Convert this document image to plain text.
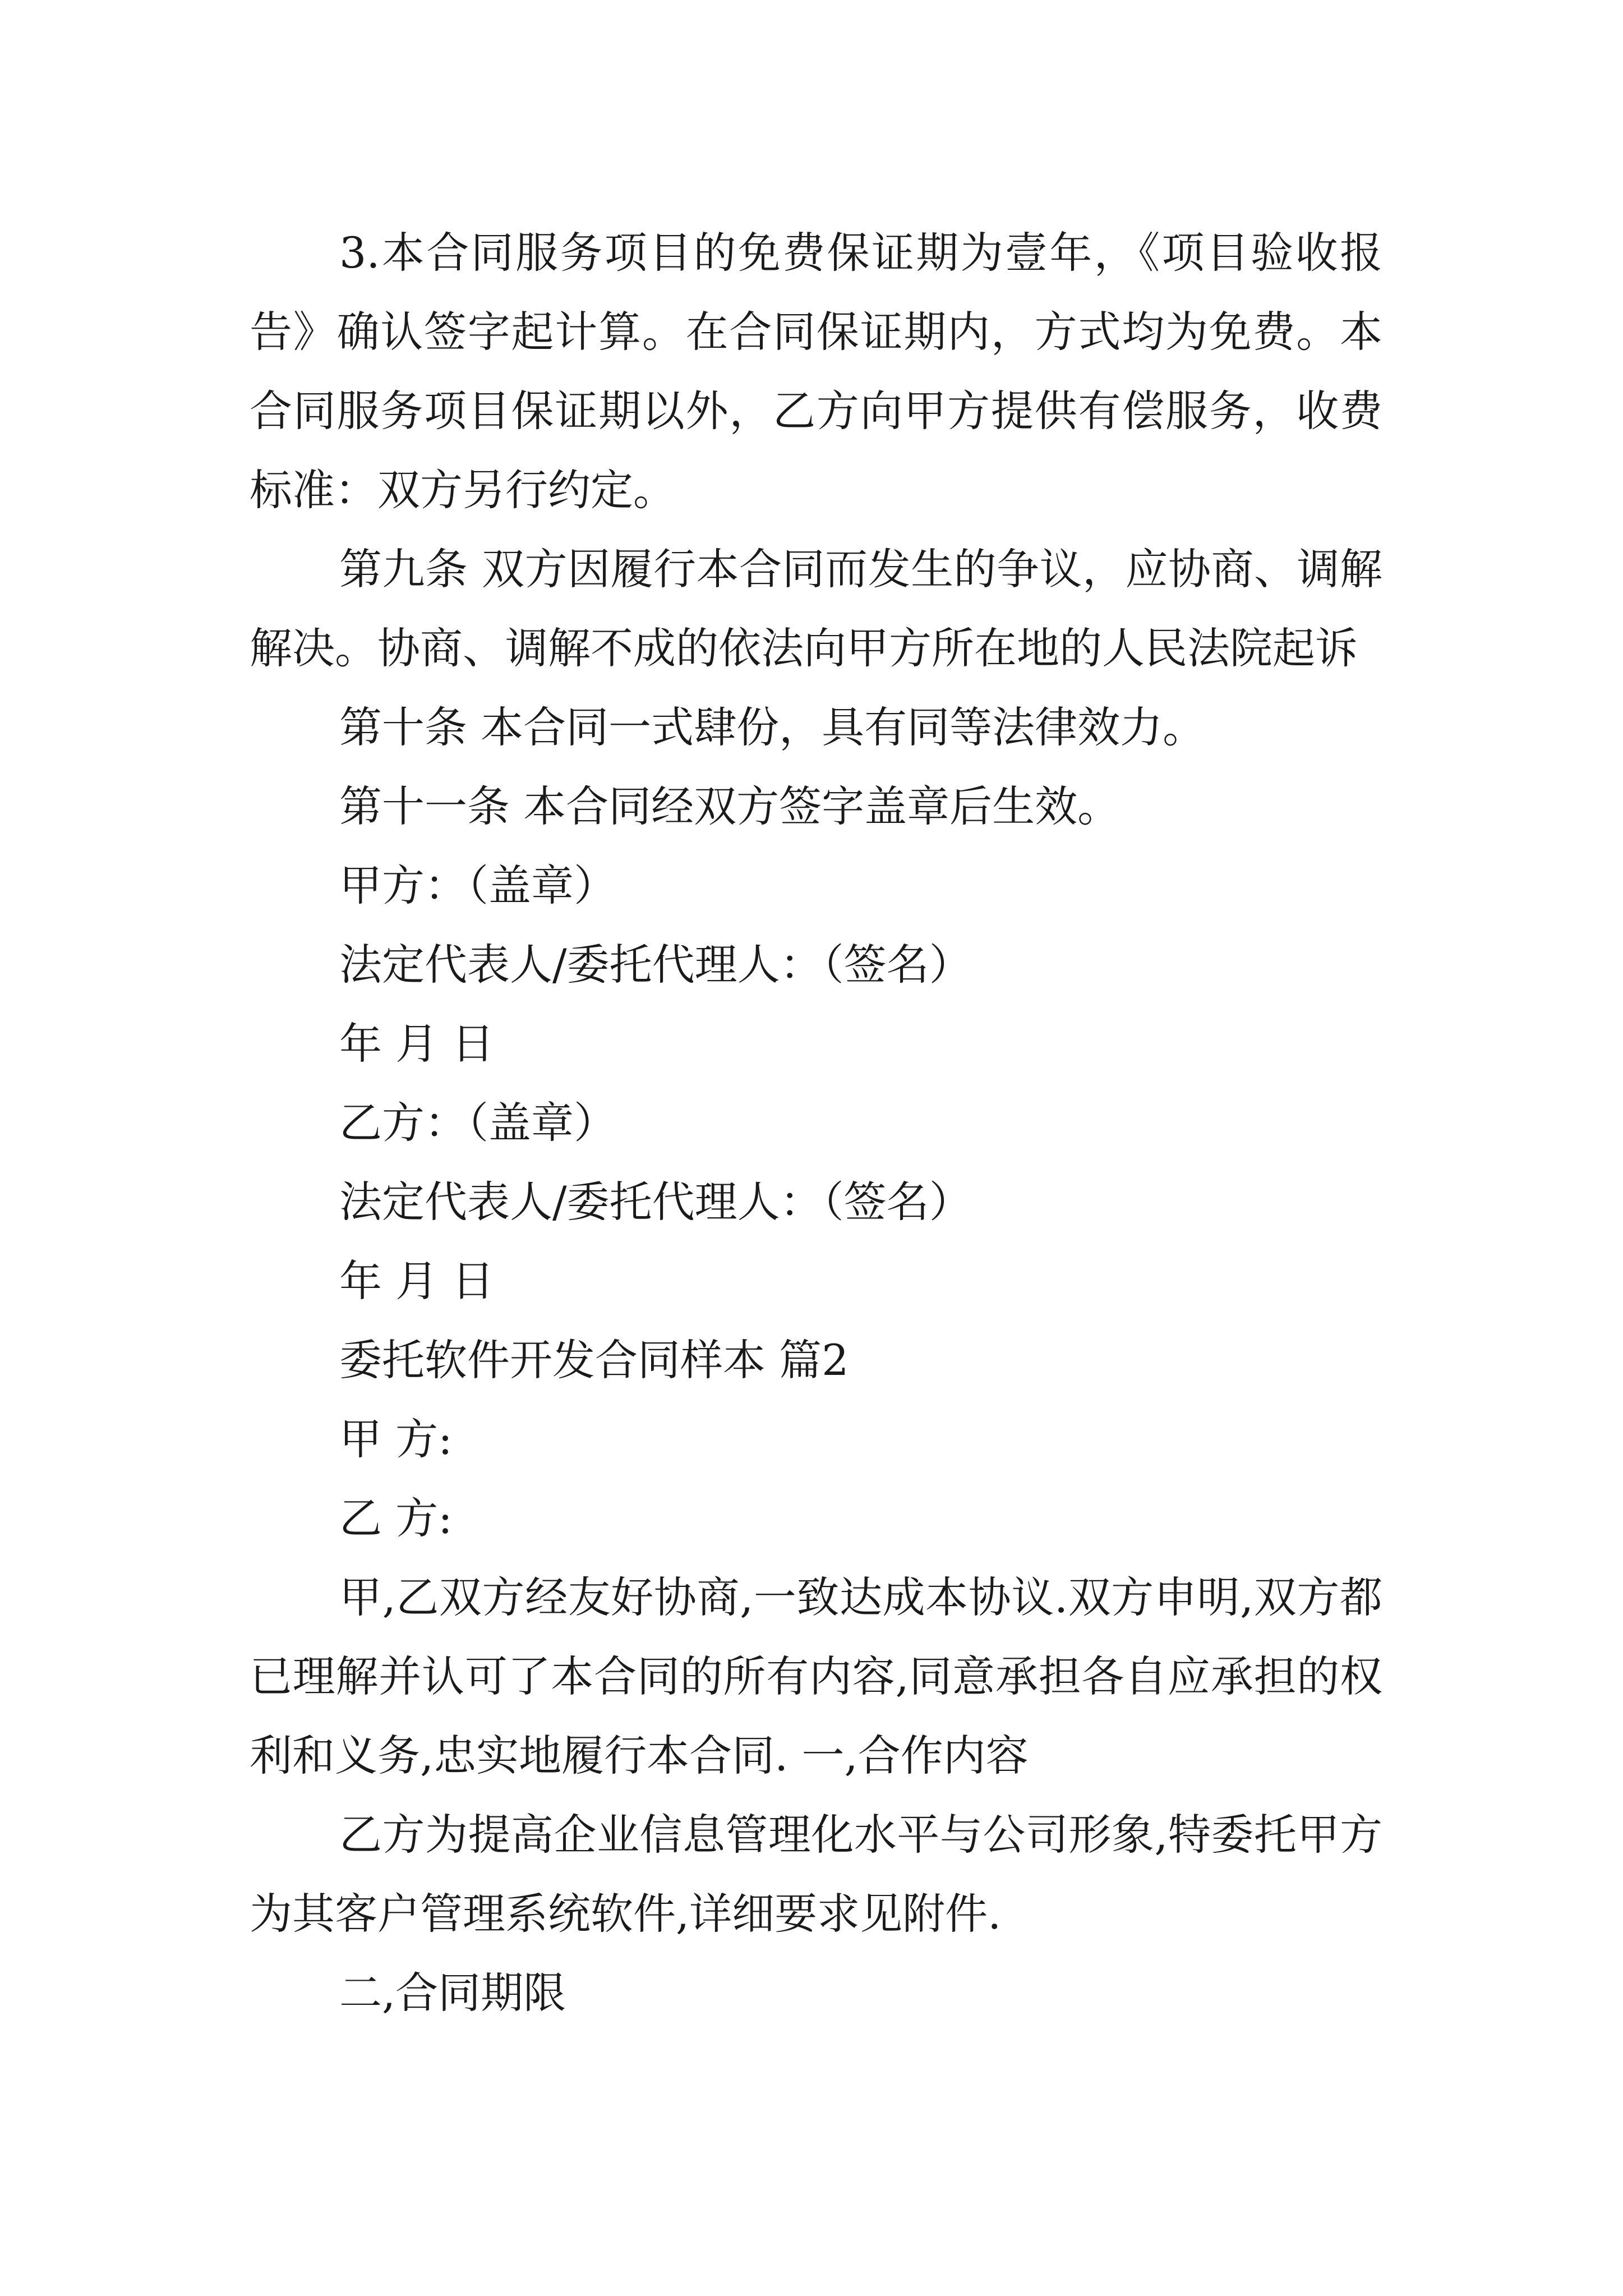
3.本合同服务项目的免费保证期为壹年，《项目验收报告》确认签字起计算。在合同保证期内，方式均为免费。本合同服务项目保证期以外，乙方向甲方提供有偿服务，收费标准：双方另行约定。

第九条 双方因履行本合同而发生的争议，应协商、调解解决。协商、调解不成的依法向甲方所在地的人民法院起诉

第十条 本合同一式肆份，具有同等法律效力。

第十一条 本合同经双方签字盖章后生效。

甲方：（盖章）

法定代表人/委托代理人：（签名）

年 月 日

乙方：（盖章）

法定代表人/委托代理人：（签名）

年 月 日

委托软件开发合同样本 篇2

甲 方:

乙 方:

甲,乙双方经友好协商,一致达成本协议.双方申明,双方都已理解并认可了本合同的所有内容,同意承担各自应承担的权利和义务,忠实地履行本合同. 一,合作内容

乙方为提高企业信息管理化水平与公司形象,特委托甲方为其客户管理系统软件,详细要求见附件.

二,合同期限
